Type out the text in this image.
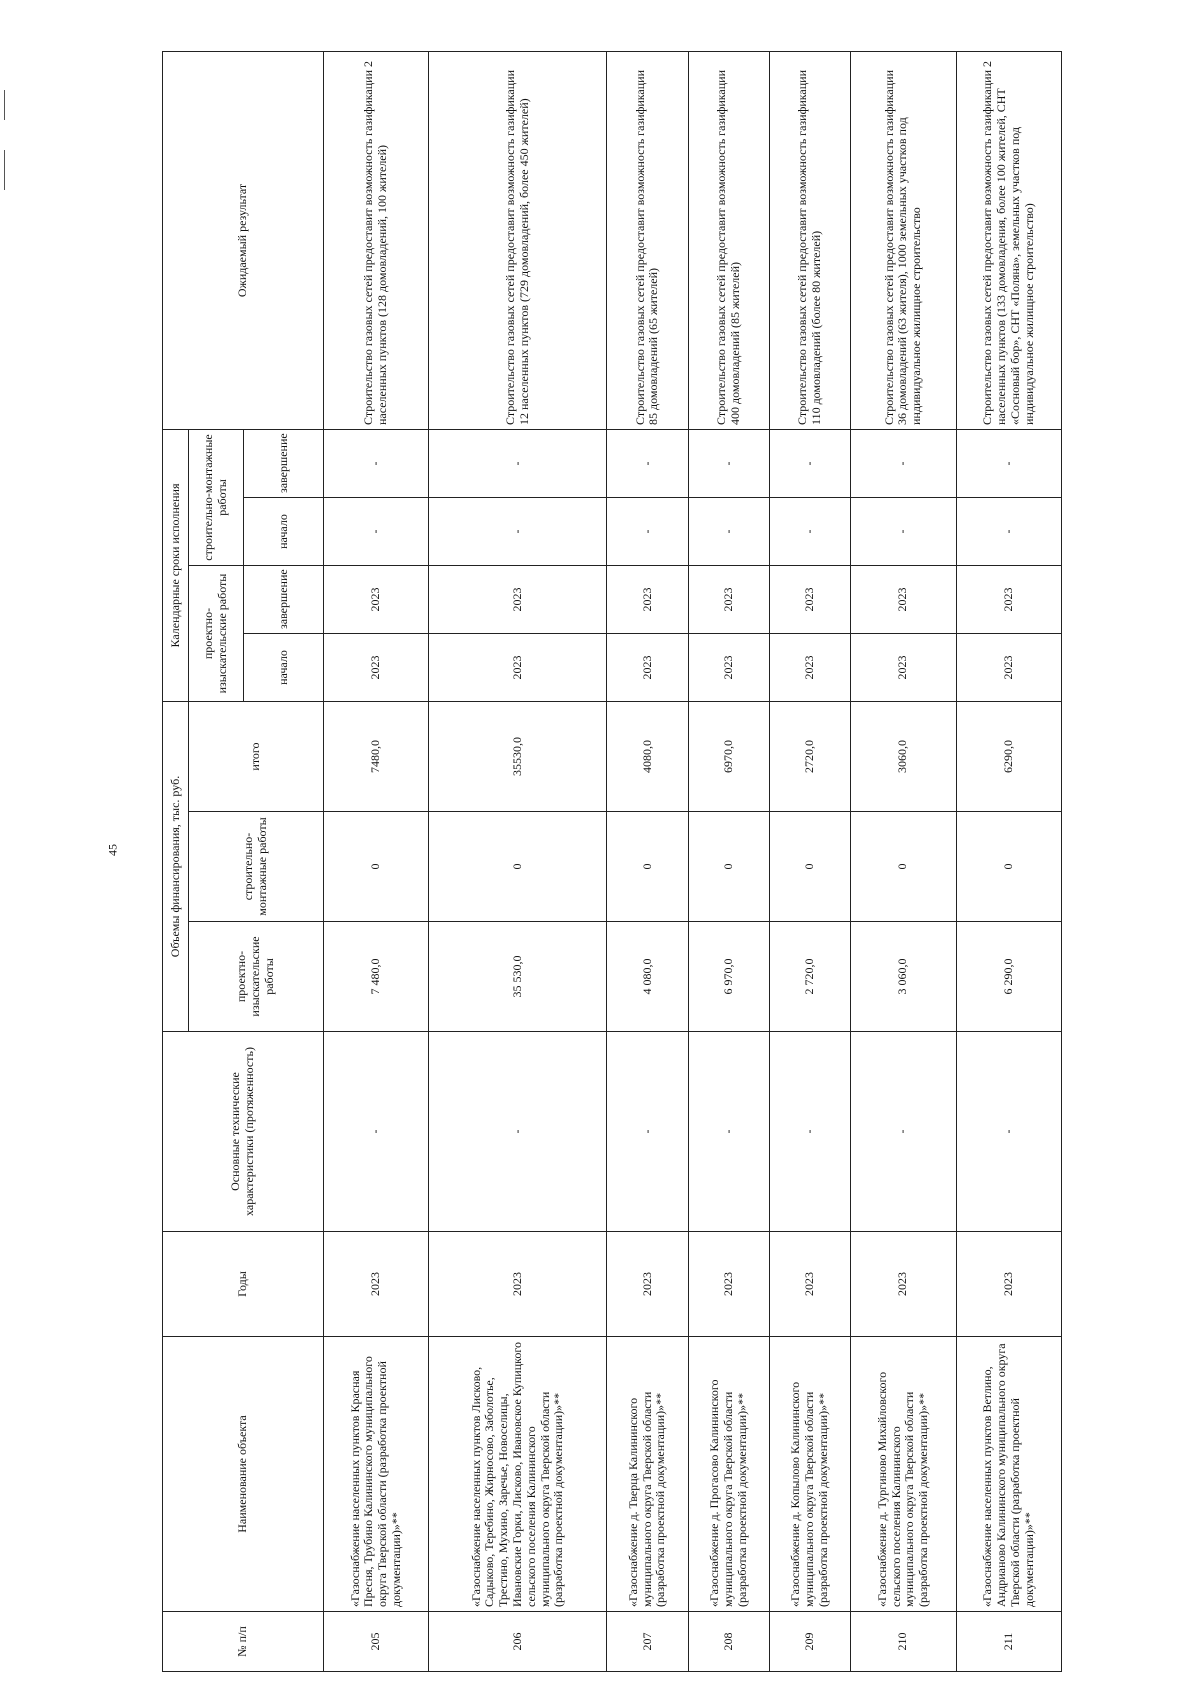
45
№ п/п	Наименование объекта	Годы	Основные технические характеристики (протяженность)	Объемы финансирования, тыс. руб.			Календарные сроки исполнения				Ожидаемый результат
				проектно-изыскательские работы	строительно-монтажные работы	итого	проектно-изыскательские работы		строительно-монтажные работы		
							начало	завершение	начало	завершение	
205	«Газоснабжение населенных пунктов Красная Пресня, Трубино Калининского муниципального округа Тверской области (разработка проектной документации)»**	2023	-	7 480,0	0	7480,0	2023	2023	-	-	Строительство газовых сетей предоставит возможность газификации 2 населенных пунктов (128 домовладений, 100 жителей)
206	«Газоснабжение населенных пунктов Лисково, Садыково, Теребино, Жирносово, Заболотье, Трестино, Мухино, Заречье, Новоселицы, Ивановские Горки, Лисково, Ивановское Купицкого сельского поселения Калининского муниципального округа Тверской области (разработка проектной документации)»**	2023	-	35 530,0	0	35530,0	2023	2023	-	-	Строительство газовых сетей предоставит возможность газификации 12 населенных пунктов (729 домовладений, более 450 жителей)
207	«Газоснабжение д. Тверца Калининского муниципального округа Тверской области (разработка проектной документации)»**	2023	-	4 080,0	0	4080,0	2023	2023	-	-	Строительство газовых сетей предоставит возможность газификации 85 домовладений (65 жителей)
208	«Газоснабжение д. Прогасово Калининского муниципального округа Тверской области (разработка проектной документации)»**	2023	-	6 970,0	0	6970,0	2023	2023	-	-	Строительство газовых сетей предоставит возможность газификации 400 домовладений (85 жителей)
209	«Газоснабжение д. Копылово Калининского муниципального округа Тверской области (разработка проектной документации)»**	2023	-	2 720,0	0	2720,0	2023	2023	-	-	Строительство газовых сетей предоставит возможность газификации 110 домовладений (более 80 жителей)
210	«Газоснабжение д. Тургиново Михайловского сельского поселения Калининского муниципального округа Тверской области (разработка проектной документации)»**	2023	-	3 060,0	0	3060,0	2023	2023	-	-	Строительство газовых сетей предоставит возможность газификации 36 домовладений (63 жителя), 1000 земельных участков под индивидуальное жилищное строительство
211	«Газоснабжение населенных пунктов Ветлино, Андрианово Калининского муниципального округа Тверской области (разработка проектной документации)»**	2023	-	6 290,0	0	6290,0	2023	2023	-	-	Строительство газовых сетей предоставит возможность газификации 2 населенных пунктов (133 домовладения, более 100 жителей, СНТ «Сосновый бор», СНТ «Поляна», земельных участков под индивидуальное жилищное строительство)
